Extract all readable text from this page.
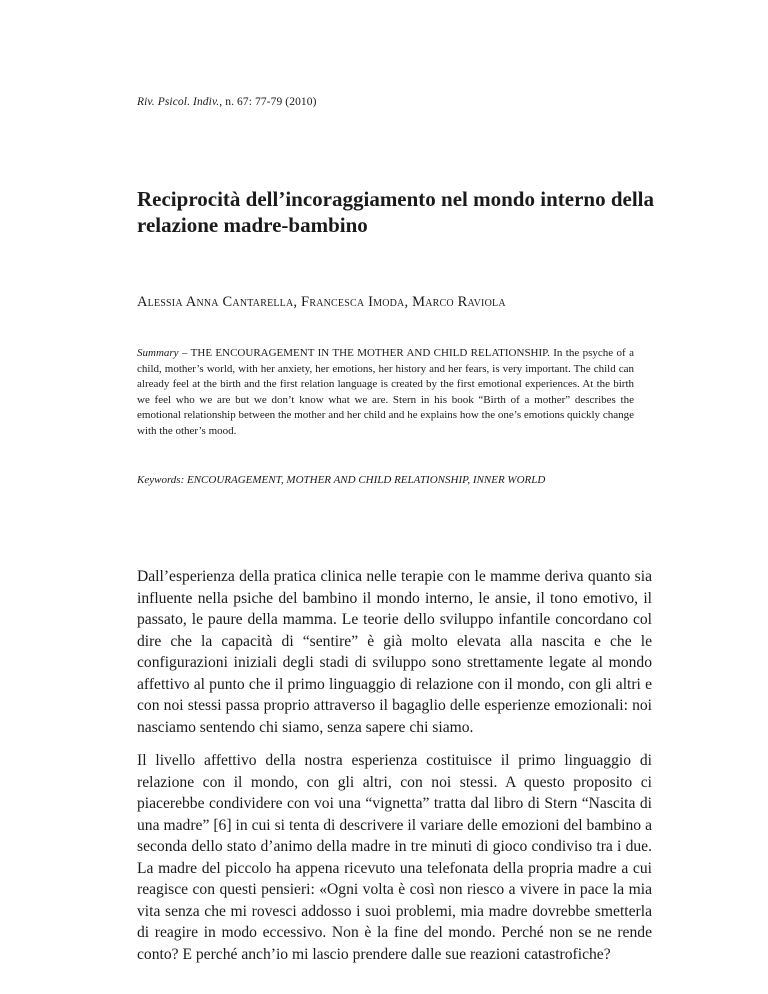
Riv. Psicol. Indiv., n. 67: 77-79 (2010)
Reciprocità dell’incoraggiamento nel mondo interno della relazione madre-bambino
Alessia Anna Cantarella, Francesca Imoda, Marco Raviola

Summary – THE ENCOURAGEMENT IN THE MOTHER AND CHILD RELATIONSHIP. In the psyche of a child, mother’s world, with her anxiety, her emotions, her history and her fears, is very important. The child can already feel at the birth and the first relation language is created by the first emotional experiences. At the birth we feel who we are but we don’t know what we are. Stern in his book “Birth of a mother” describes the emotional relationship between the mother and her child and he explains how the one’s emotions quickly change with the other’s mood.

Keywords: ENCOURAGEMENT, MOTHER AND CHILD RELATIONSHIP, INNER WORLD

Dall’esperienza della pratica clinica nelle terapie con le mamme deriva quanto sia influente nella psiche del bambino il mondo interno, le ansie, il tono emotivo, il passato, le paure della mamma. Le teorie dello sviluppo infantile concordano col dire che la capacità di “sentire” è già molto elevata alla nascita e che le configurazioni iniziali degli stadi di sviluppo sono strettamente legate al mondo affettivo al punto che il primo linguaggio di relazione con il mondo, con gli altri e con noi stessi passa proprio attraverso il bagaglio delle esperienze emozionali: noi nasciamo sentendo chi siamo, senza sapere chi siamo.

Il livello affettivo della nostra esperienza costituisce il primo linguaggio di relazione con il mondo, con gli altri, con noi stessi. A questo proposito ci piacerebbe condividere con voi una “vignetta” tratta dal libro di Stern “Nascita di una madre” [6] in cui si tenta di descrivere il variare delle emozioni del bambino a seconda dello stato d’animo della madre in tre minuti di gioco condiviso tra i due. La madre del piccolo ha appena ricevuto una telefonata della propria madre a cui reagisce con questi pensieri: «Ogni volta è così non riesco a vivere in pace la mia vita senza che mi rovesci addosso i suoi problemi, mia madre dovrebbe smetterla di reagire in modo eccessivo. Non è la fine del mondo. Perché non se ne rende conto? E perché anch’io mi lascio prendere dalle sue reazioni catastrofiche?
